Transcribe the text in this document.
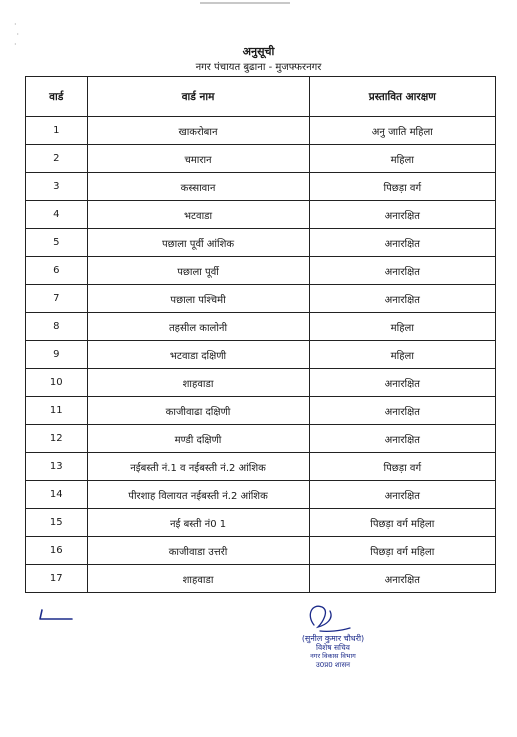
·
·
·
अनुसूची
नगर पंचायत बुढाना - मुजफ्फरनगर
वार्ड	वार्ड नाम	प्रस्तावित आरक्षण
1	खाकरोबान	अनु जाति महिला
2	चमारान	महिला
3	कस्सावान	पिछड़ा वर्ग
4	भटवाडा	अनारक्षित
5	पछाला पूर्वी आंशिक	अनारक्षित
6	पछाला पूर्वी	अनारक्षित
7	पछाला पश्चिमी	अनारक्षित
8	तहसील कालोनी	महिला
9	भटवाडा दक्षिणी	महिला
10	शाहवाडा	अनारक्षित
11	काजीवाढा दक्षिणी	अनारक्षित
12	मण्डी दक्षिणी	अनारक्षित
13	नईबस्ती नं.1 व नईबस्ती नं.2 आंशिक	पिछड़ा वर्ग
14	पीरशाह विलायत नईबस्ती नं.2 आंशिक	अनारक्षित
15	नई बस्ती नं0 1	पिछड़ा वर्ग महिला
16	काजीवाडा उत्तरी	पिछड़ा वर्ग महिला
17	शाहवाडा	अनारक्षित
(सुनील कुमार चौधरी)
विशेष सचिव
नगर विकास विभाग
उ0प्र0 शासन
